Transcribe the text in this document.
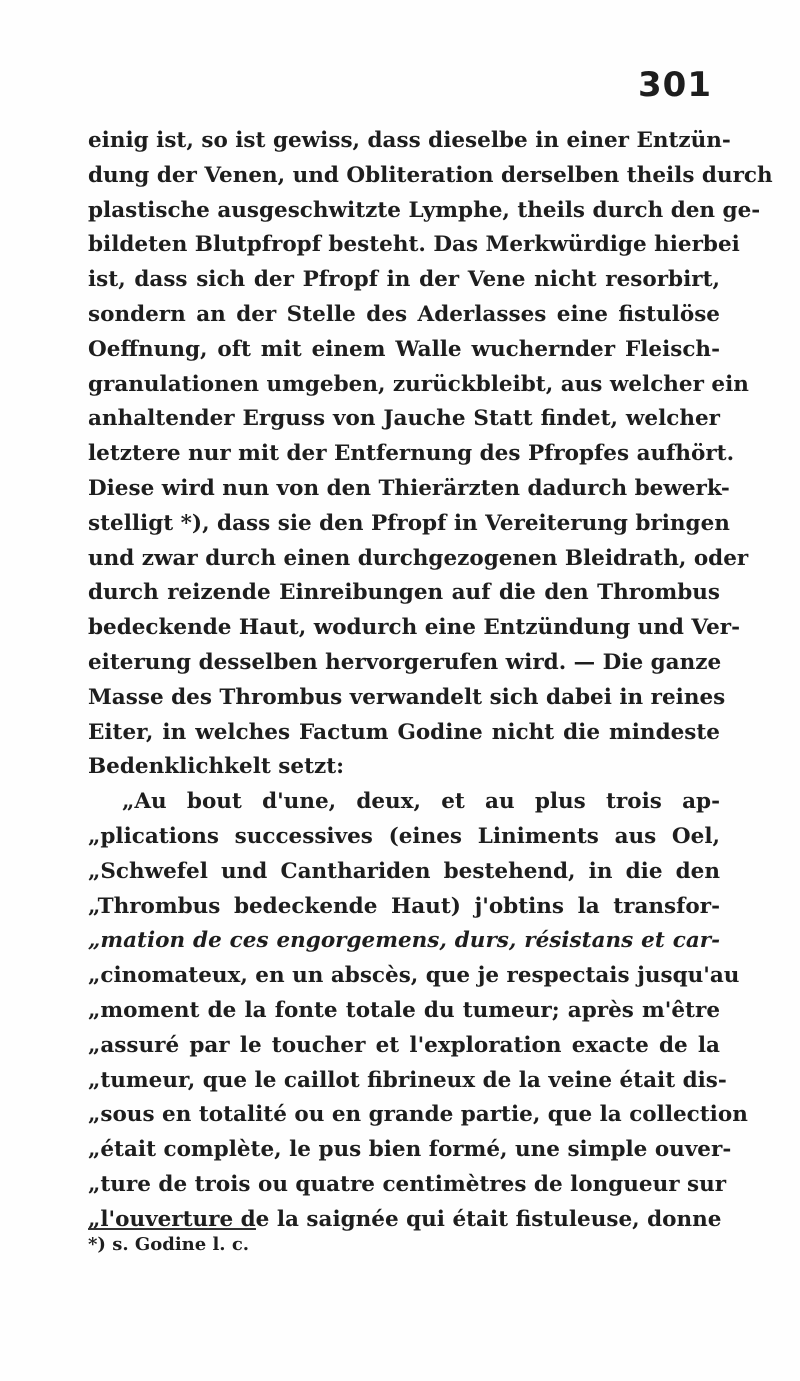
301
einig ist, so ist gewiss, dass dieselbe in einer Entzün-
dung der Venen, und Obliteration derselben theils durch
plastische ausgeschwitzte Lymphe, theils durch den ge-
bildeten Blutpfropf besteht. Das Merkwürdige hierbei
ist, dass sich der Pfropf in der Vene nicht resorbirt,
sondern an der Stelle des Aderlasses eine fistulöse
Oeffnung, oft mit einem Walle wuchernder Fleisch-
granulationen umgeben, zurückbleibt, aus welcher ein
anhaltender Erguss von Jauche Statt findet, welcher
letztere nur mit der Entfernung des Pfropfes aufhört.
Diese wird nun von den Thierärzten dadurch bewerk-
stelligt *), dass sie den Pfropf in Vereiterung bringen
und zwar durch einen durchgezogenen Bleidrath, oder
durch reizende Einreibungen auf die den Thrombus
bedeckende Haut, wodurch eine Entzündung und Ver-
eiterung desselben hervorgerufen wird. — Die ganze
Masse des Thrombus verwandelt sich dabei in reines
Eiter, in welches Factum Godine nicht die mindeste
Bedenklichkelt setzt:
„Au bout d'une, deux, et au plus trois ap-
„plications successives (eines Liniments aus Oel,
„Schwefel und Canthariden bestehend, in die den
„Thrombus bedeckende Haut) j'obtins la transfor-
„mation de ces engorgemens, durs, résistans et car-
„cinomateux, en un abscès, que je respectais jusqu'au
„moment de la fonte totale du tumeur; après m'être
„assuré par le toucher et l'exploration exacte de la
„tumeur, que le caillot fibrineux de la veine était dis-
„sous en totalité ou en grande partie, que la collection
„était complète, le pus bien formé, une simple ouver-
„ture de trois ou quatre centimètres de longueur sur
„l'ouverture de la saignée qui était fistuleuse, donne
*) s. Godine l. c.
